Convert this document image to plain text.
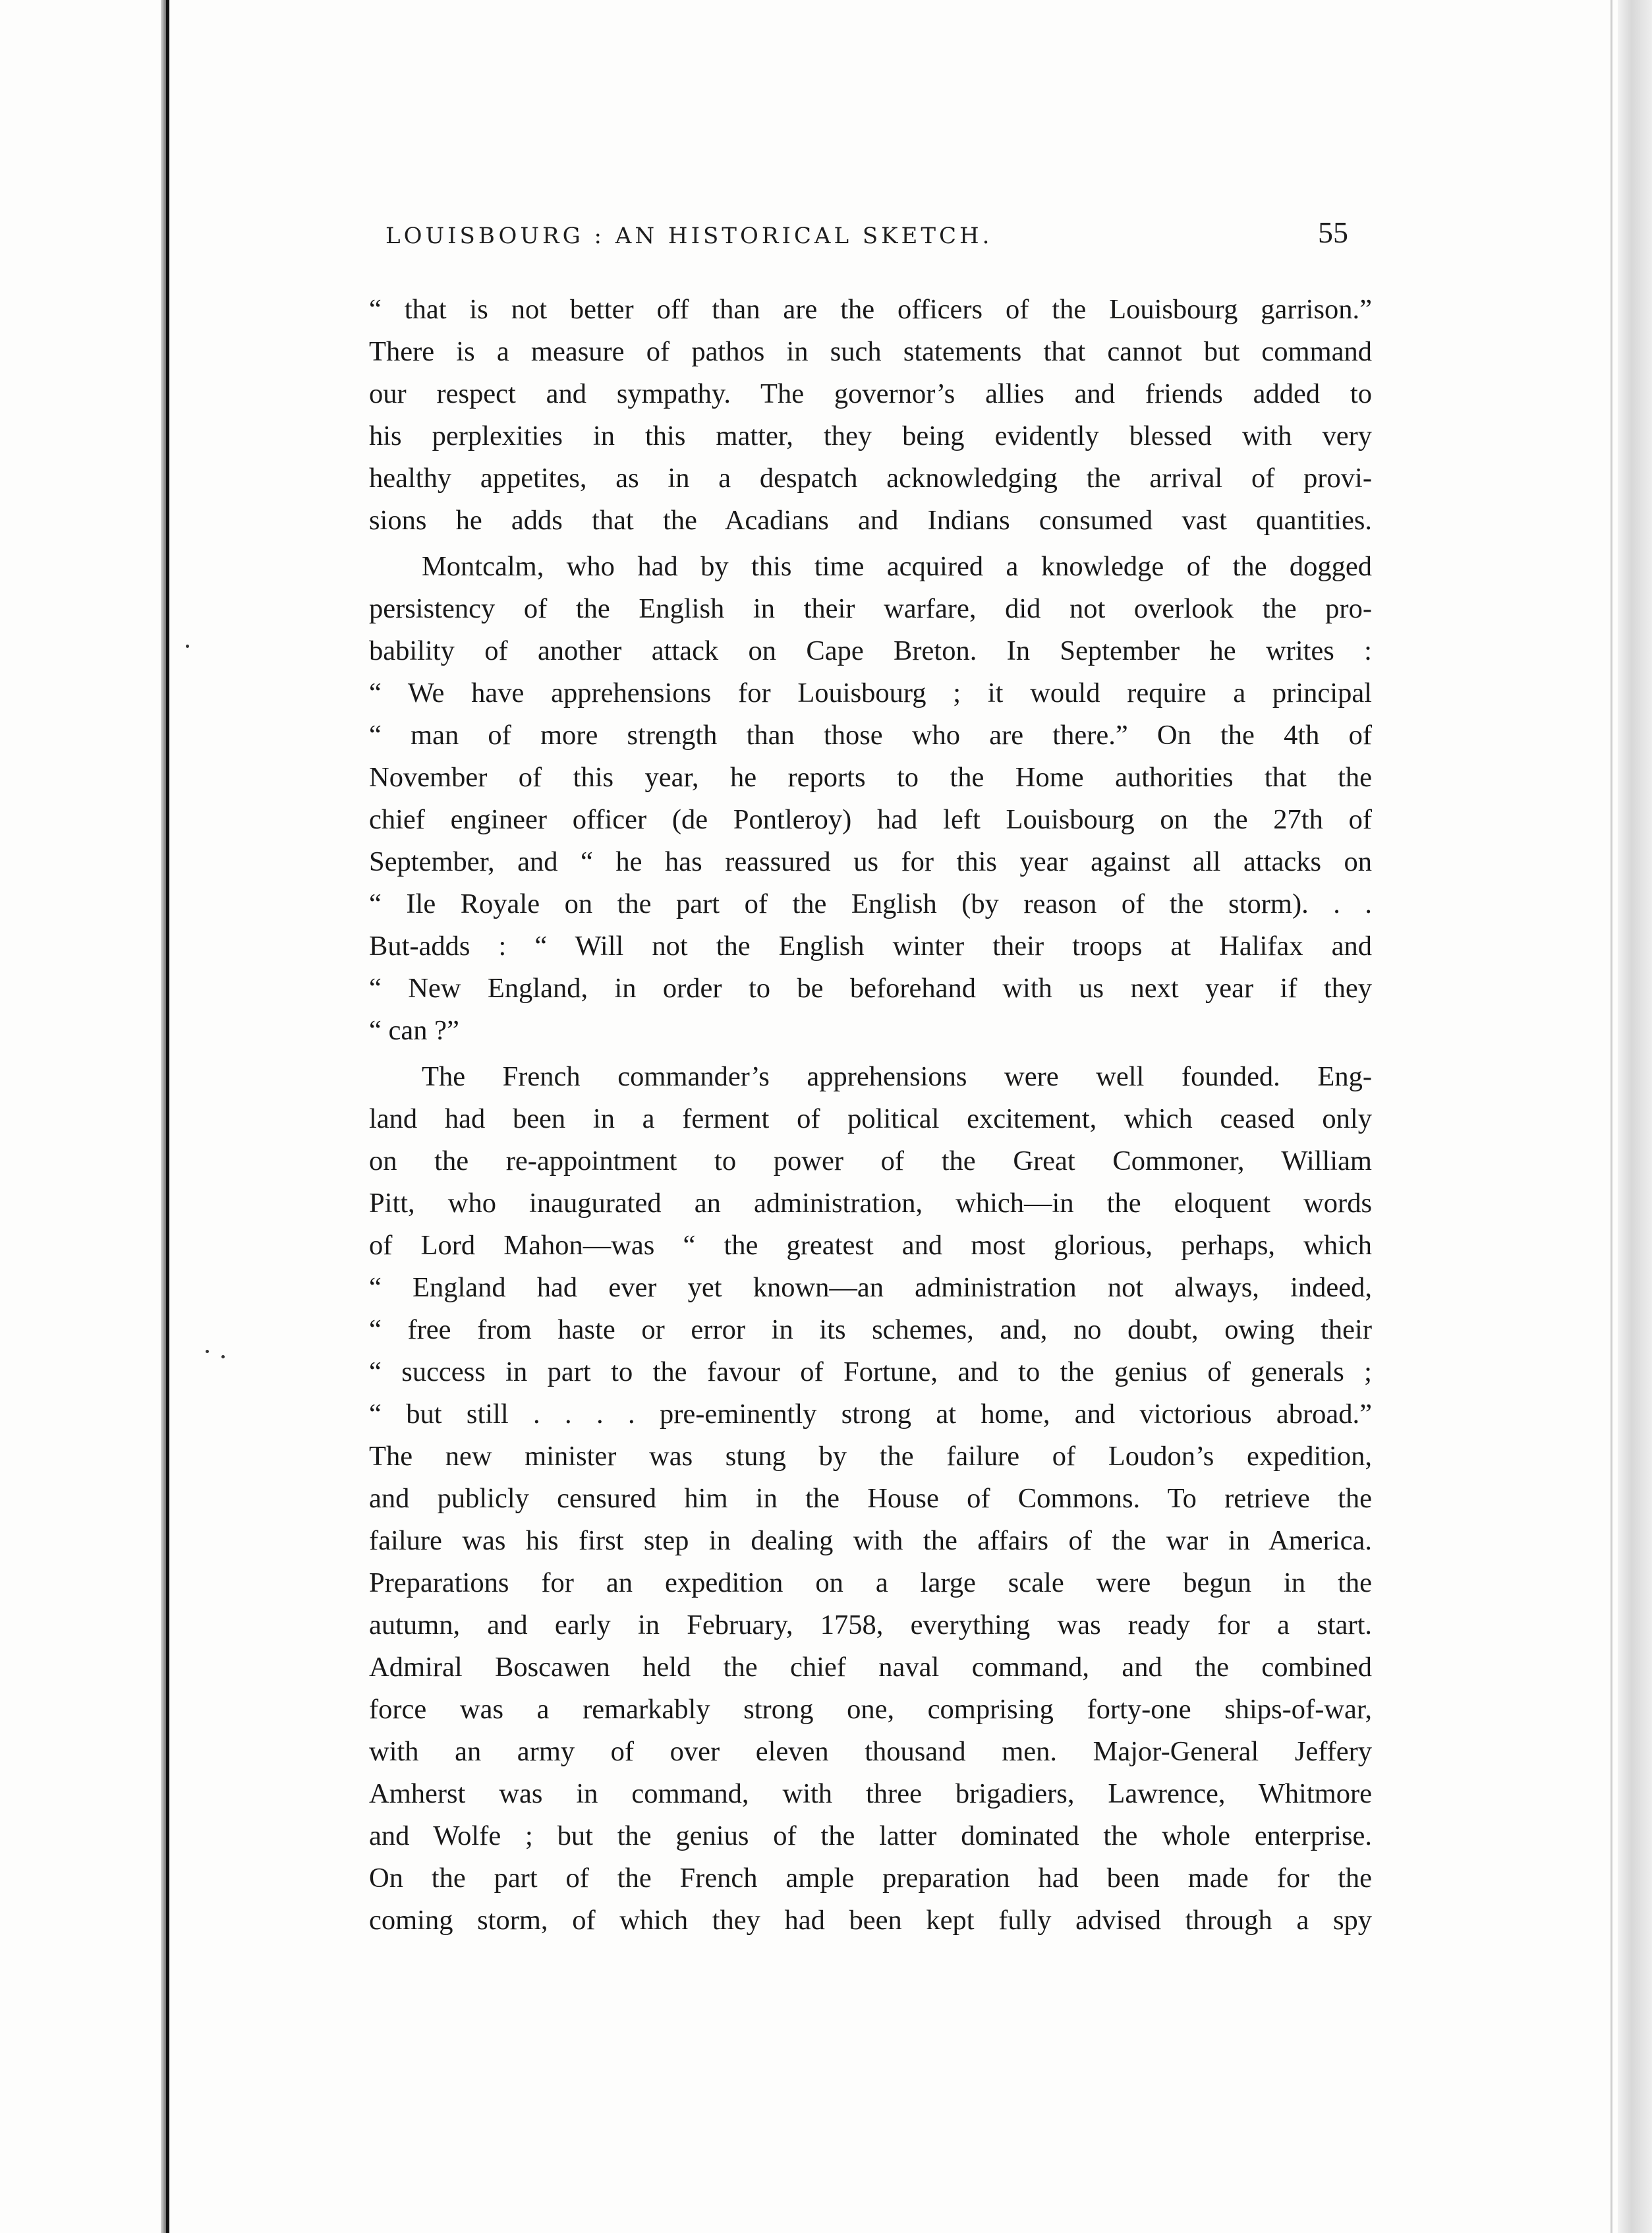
LOUISBOURG : AN HISTORICAL SKETCH.	55
“ that is not better off than are the officers of the Louisbourg garrison.”
There is a measure of pathos in such statements that cannot but command
our respect and sympathy. The governor’s allies and friends added to
his perplexities in this matter, they being evidently blessed with very
healthy appetites, as in a despatch acknowledging the arrival of provi-
sions he adds that the Acadians and Indians consumed vast quantities.
Montcalm, who had by this time acquired a knowledge of the dogged
persistency of the English in their warfare, did not overlook the pro-
bability of another attack on Cape Breton. In September he writes :
“ We have apprehensions for Louisbourg ; it would require a principal
“ man of more strength than those who are there.” On the 4th of
November of this year, he reports to the Home authorities that the
chief engineer officer (de Pontleroy) had left Louisbourg on the 27th of
September, and “ he has reassured us for this year against all attacks on
“ Ile Royale on the part of the English (by reason of the storm). . .
But-adds : “ Will not the English winter their troops at Halifax and
“ New England, in order to be beforehand with us next year if they
“ can ?”
The French commander’s apprehensions were well founded. Eng-
land had been in a ferment of political excitement, which ceased only
on the re-appointment to power of the Great Commoner, William
Pitt, who inaugurated an administration, which—in the eloquent words
of Lord Mahon—was “ the greatest and most glorious, perhaps, which
“ England had ever yet known—an administration not always, indeed,
“ free from haste or error in its schemes, and, no doubt, owing their
“ success in part to the favour of Fortune, and to the genius of generals ;
“ but still . . . . pre-eminently strong at home, and victorious abroad.”
The new minister was stung by the failure of Loudon’s expedition,
and publicly censured him in the House of Commons. To retrieve the
failure was his first step in dealing with the affairs of the war in America.
Preparations for an expedition on a large scale were begun in the
autumn, and early in February, 1758, everything was ready for a start.
Admiral Boscawen held the chief naval command, and the combined
force was a remarkably strong one, comprising forty-one ships-of-war,
with an army of over eleven thousand men. Major-General Jeffery
Amherst was in command, with three brigadiers, Lawrence, Whitmore
and Wolfe ; but the genius of the latter dominated the whole enterprise.
On the part of the French ample preparation had been made for the
coming storm, of which they had been kept fully advised through a spy
